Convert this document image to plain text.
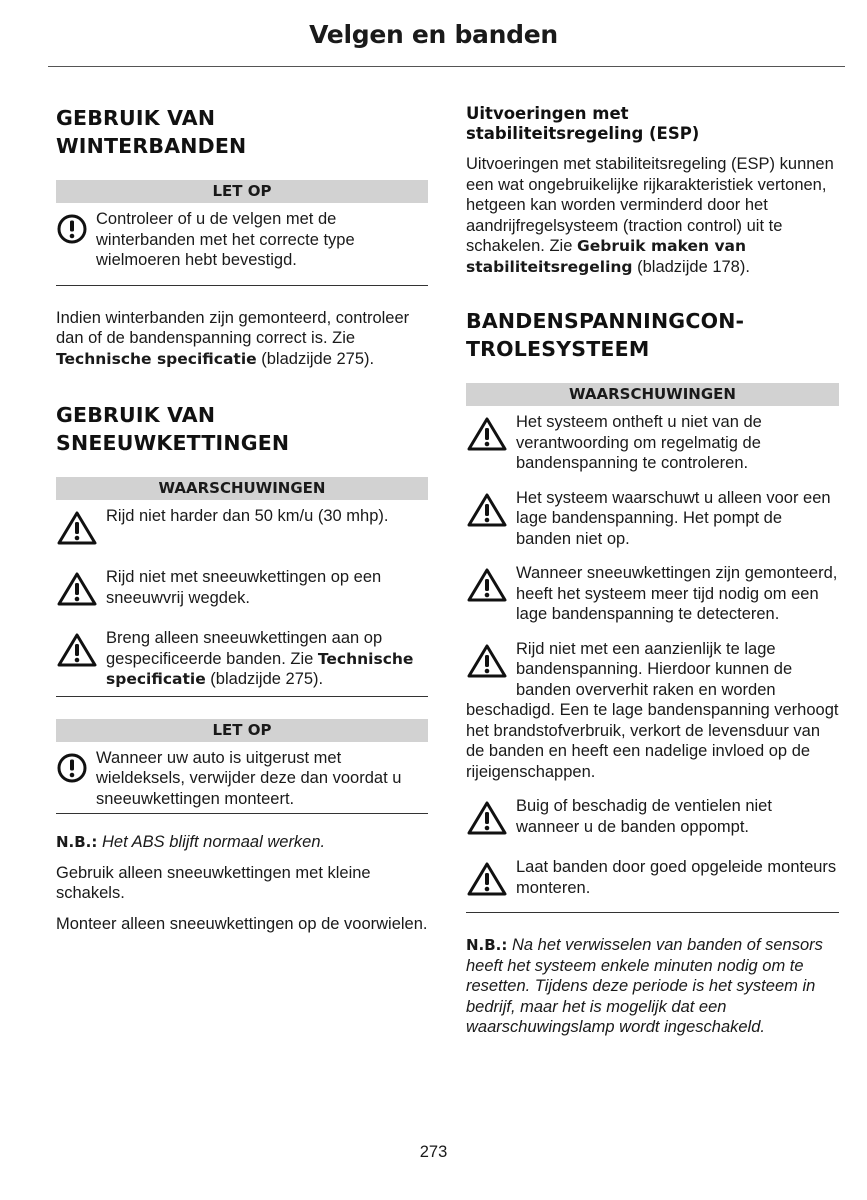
Velgen en banden
GEBRUIK VAN
WINTERBANDEN
LET OP

Controleer of u de velgen met de winterbanden met het correcte type wielmoeren hebt bevestigd.

Indien winterbanden zijn gemonteerd, controleer dan of de bandenspanning correct is. Zie Technische specificatie (bladzijde 275).

GEBRUIK VAN
SNEEUWKETTINGEN
WAARSCHUWINGEN

Rijd niet harder dan 50 km/u (30 mhp).

Rijd niet met sneeuwkettingen op een sneeuwvrij wegdek.

Breng alleen sneeuwkettingen aan op gespecificeerde banden. Zie Technische specificatie (bladzijde 275).

LET OP

Wanneer uw auto is uitgerust met wieldeksels, verwijder deze dan voordat u sneeuwkettingen monteert.

N.B.: Het ABS blijft normaal werken.

Gebruik alleen sneeuwkettingen met kleine schakels.

Monteer alleen sneeuwkettingen op de voorwielen.

Uitvoeringen met
stabiliteitsregeling (ESP)

Uitvoeringen met stabiliteitsregeling (ESP) kunnen een wat ongebruikelijke rijkarakteristiek vertonen, hetgeen kan worden verminderd door het aandrijfregelsysteem (traction control) uit te schakelen. Zie Gebruik maken van stabiliteitsregeling (bladzijde 178).

BANDENSPANNINGCON-
TROLESYSTEEM
WAARSCHUWINGEN

Het systeem ontheft u niet van de verantwoording om regelmatig de bandenspanning te controleren.

Het systeem waarschuwt u alleen voor een lage bandenspanning. Het pompt de banden niet op.

Wanneer sneeuwkettingen zijn gemonteerd, heeft het systeem meer tijd nodig om een lage bandenspanning te detecteren.

Rijd niet met een aanzienlijk te lage bandenspanning. Hierdoor kunnen de banden oververhit raken en worden beschadigd. Een te lage bandenspanning verhoogt het brandstofverbruik, verkort de levensduur van de banden en heeft een nadelige invloed op de rijeigenschappen.

Buig of beschadig de ventielen niet wanneer u de banden oppompt.

Laat banden door goed opgeleide monteurs monteren.

N.B.: Na het verwisselen van banden of sensors heeft het systeem enkele minuten nodig om te resetten. Tijdens deze periode is het systeem in bedrijf, maar het is mogelijk dat een waarschuwingslamp wordt ingeschakeld.

273
